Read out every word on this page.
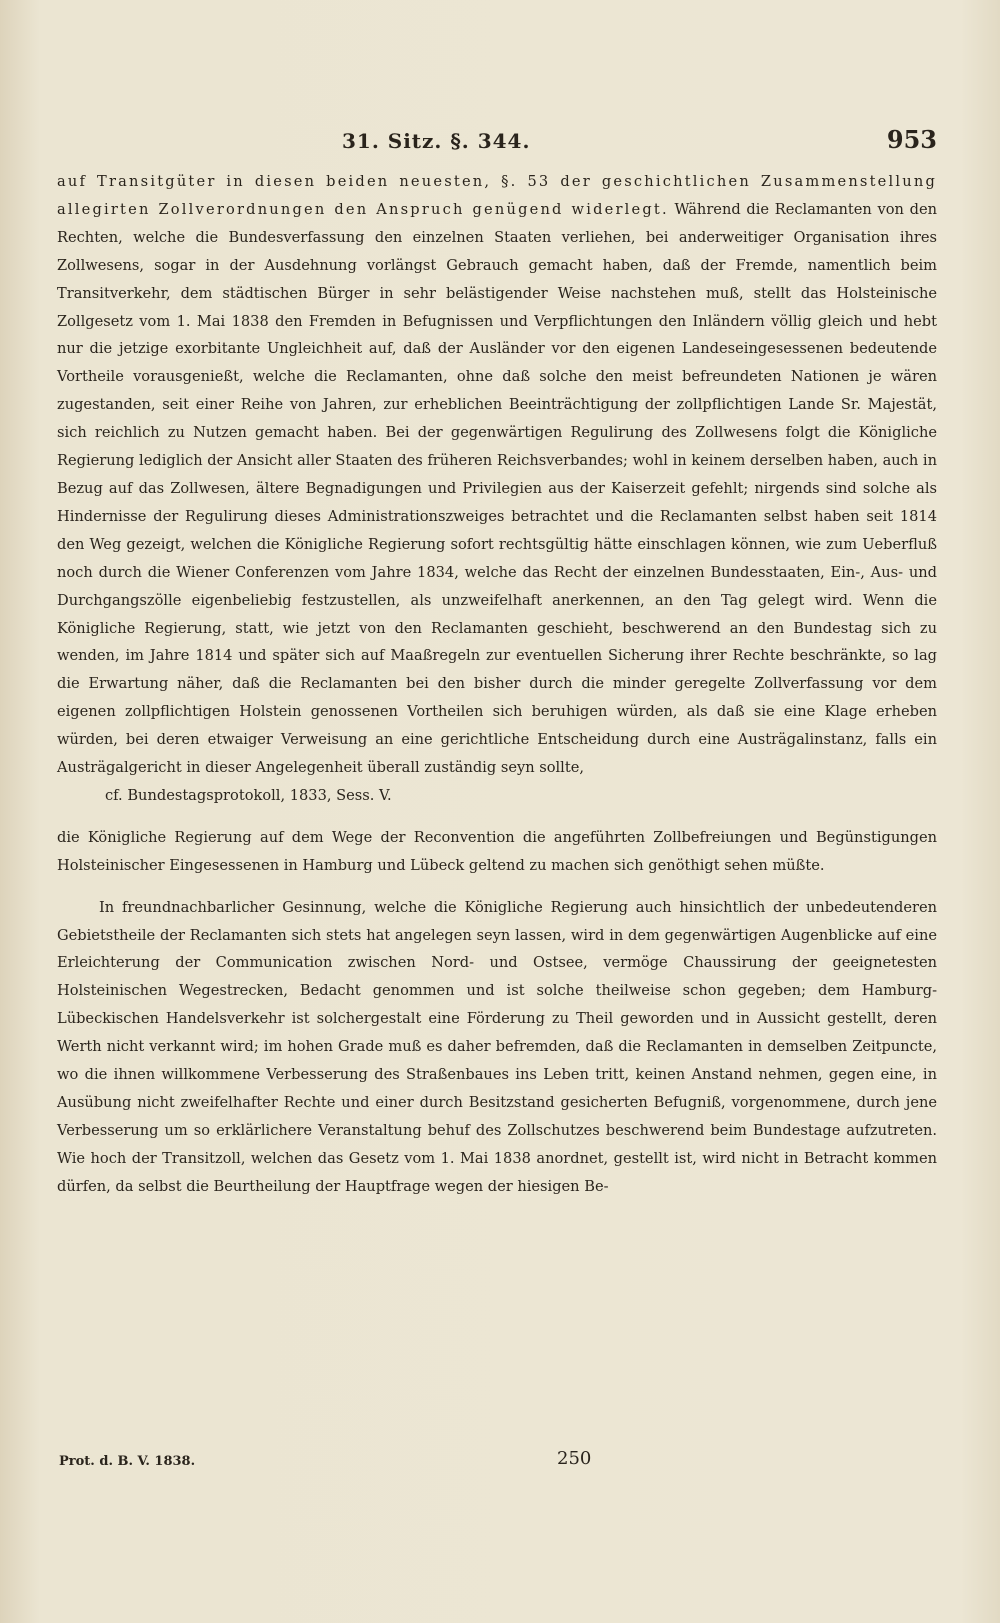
31. Sitz. §. 344.	953

auf Transitgüter in diesen beiden neuesten, §. 53 der geschichtlichen Zusammenstellung allegirten Zollverordnungen den Anspruch genügend widerlegt. Während die Reclamanten von den Rechten, welche die Bundesverfassung den einzelnen Staaten verliehen, bei anderweitiger Organisation ihres Zollwesens, sogar in der Ausdehnung vorlängst Gebrauch gemacht haben, daß der Fremde, namentlich beim Transitverkehr, dem städtischen Bürger in sehr belästigender Weise nachstehen muß, stellt das Holsteinische Zollgesetz vom 1. Mai 1838 den Fremden in Befugnissen und Verpflichtungen den Inländern völlig gleich und hebt nur die jetzige exorbitante Ungleichheit auf, daß der Ausländer vor den eigenen Landeseingesessenen bedeutende Vortheile vorausgenießt, welche die Reclamanten, ohne daß solche den meist befreundeten Nationen je wären zugestanden, seit einer Reihe von Jahren, zur erheblichen Beeinträchtigung der zollpflichtigen Lande Sr. Majestät, sich reichlich zu Nutzen gemacht haben. Bei der gegenwärtigen Regulirung des Zollwesens folgt die Königliche Regierung lediglich der Ansicht aller Staaten des früheren Reichsverbandes; wohl in keinem derselben haben, auch in Bezug auf das Zollwesen, ältere Begnadigungen und Privilegien aus der Kaiserzeit gefehlt; nirgends sind solche als Hindernisse der Regulirung dieses Administrationszweiges betrachtet und die Reclamanten selbst haben seit 1814 den Weg gezeigt, welchen die Königliche Regierung sofort rechtsgültig hätte einschlagen können, wie zum Ueberfluß noch durch die Wiener Conferenzen vom Jahre 1834, welche das Recht der einzelnen Bundesstaaten, Ein-, Aus- und Durchgangszölle eigenbeliebig festzustellen, als unzweifelhaft anerkennen, an den Tag gelegt wird. Wenn die Königliche Regierung, statt, wie jetzt von den Reclamanten geschieht, beschwerend an den Bundestag sich zu wenden, im Jahre 1814 und später sich auf Maaßregeln zur eventuellen Sicherung ihrer Rechte beschränkte, so lag die Erwartung näher, daß die Reclamanten bei den bisher durch die minder geregelte Zollverfassung vor dem eigenen zollpflichtigen Holstein genossenen Vortheilen sich beruhigen würden, als daß sie eine Klage erheben würden, bei deren etwaiger Verweisung an eine gerichtliche Entscheidung durch eine Austrägalinstanz, falls ein Austrägalgericht in dieser Angelegenheit überall zuständig seyn sollte,

cf. Bundestagsprotokoll, 1833, Sess. V.

die Königliche Regierung auf dem Wege der Reconvention die angeführten Zollbefreiungen und Begünstigungen Holsteinischer Eingesessenen in Hamburg und Lübeck geltend zu machen sich genöthigt sehen müßte.

In freundnachbarlicher Gesinnung, welche die Königliche Regierung auch hinsichtlich der unbedeutenderen Gebietstheile der Reclamanten sich stets hat angelegen seyn lassen, wird in dem gegenwärtigen Augenblicke auf eine Erleichterung der Communication zwischen Nord- und Ostsee, vermöge Chaussirung der geeignetesten Holsteinischen Wegestrecken, Bedacht genommen und ist solche theilweise schon gegeben; dem Hamburg-Lübeckischen Handelsverkehr ist solchergestalt eine Förderung zu Theil geworden und in Aussicht gestellt, deren Werth nicht verkannt wird; im hohen Grade muß es daher befremden, daß die Reclamanten in demselben Zeitpuncte, wo die ihnen willkommene Verbesserung des Straßenbaues ins Leben tritt, keinen Anstand nehmen, gegen eine, in Ausübung nicht zweifelhafter Rechte und einer durch Besitzstand gesicherten Befugniß, vorgenommene, durch jene Verbesserung um so erklärlichere Veranstaltung behuf des Zollschutzes beschwerend beim Bundestage aufzutreten. Wie hoch der Transitzoll, welchen das Gesetz vom 1. Mai 1838 anordnet, gestellt ist, wird nicht in Betracht kommen dürfen, da selbst die Beurtheilung der Hauptfrage wegen der hiesigen Be-

Prot. d. B. V. 1838.	250
